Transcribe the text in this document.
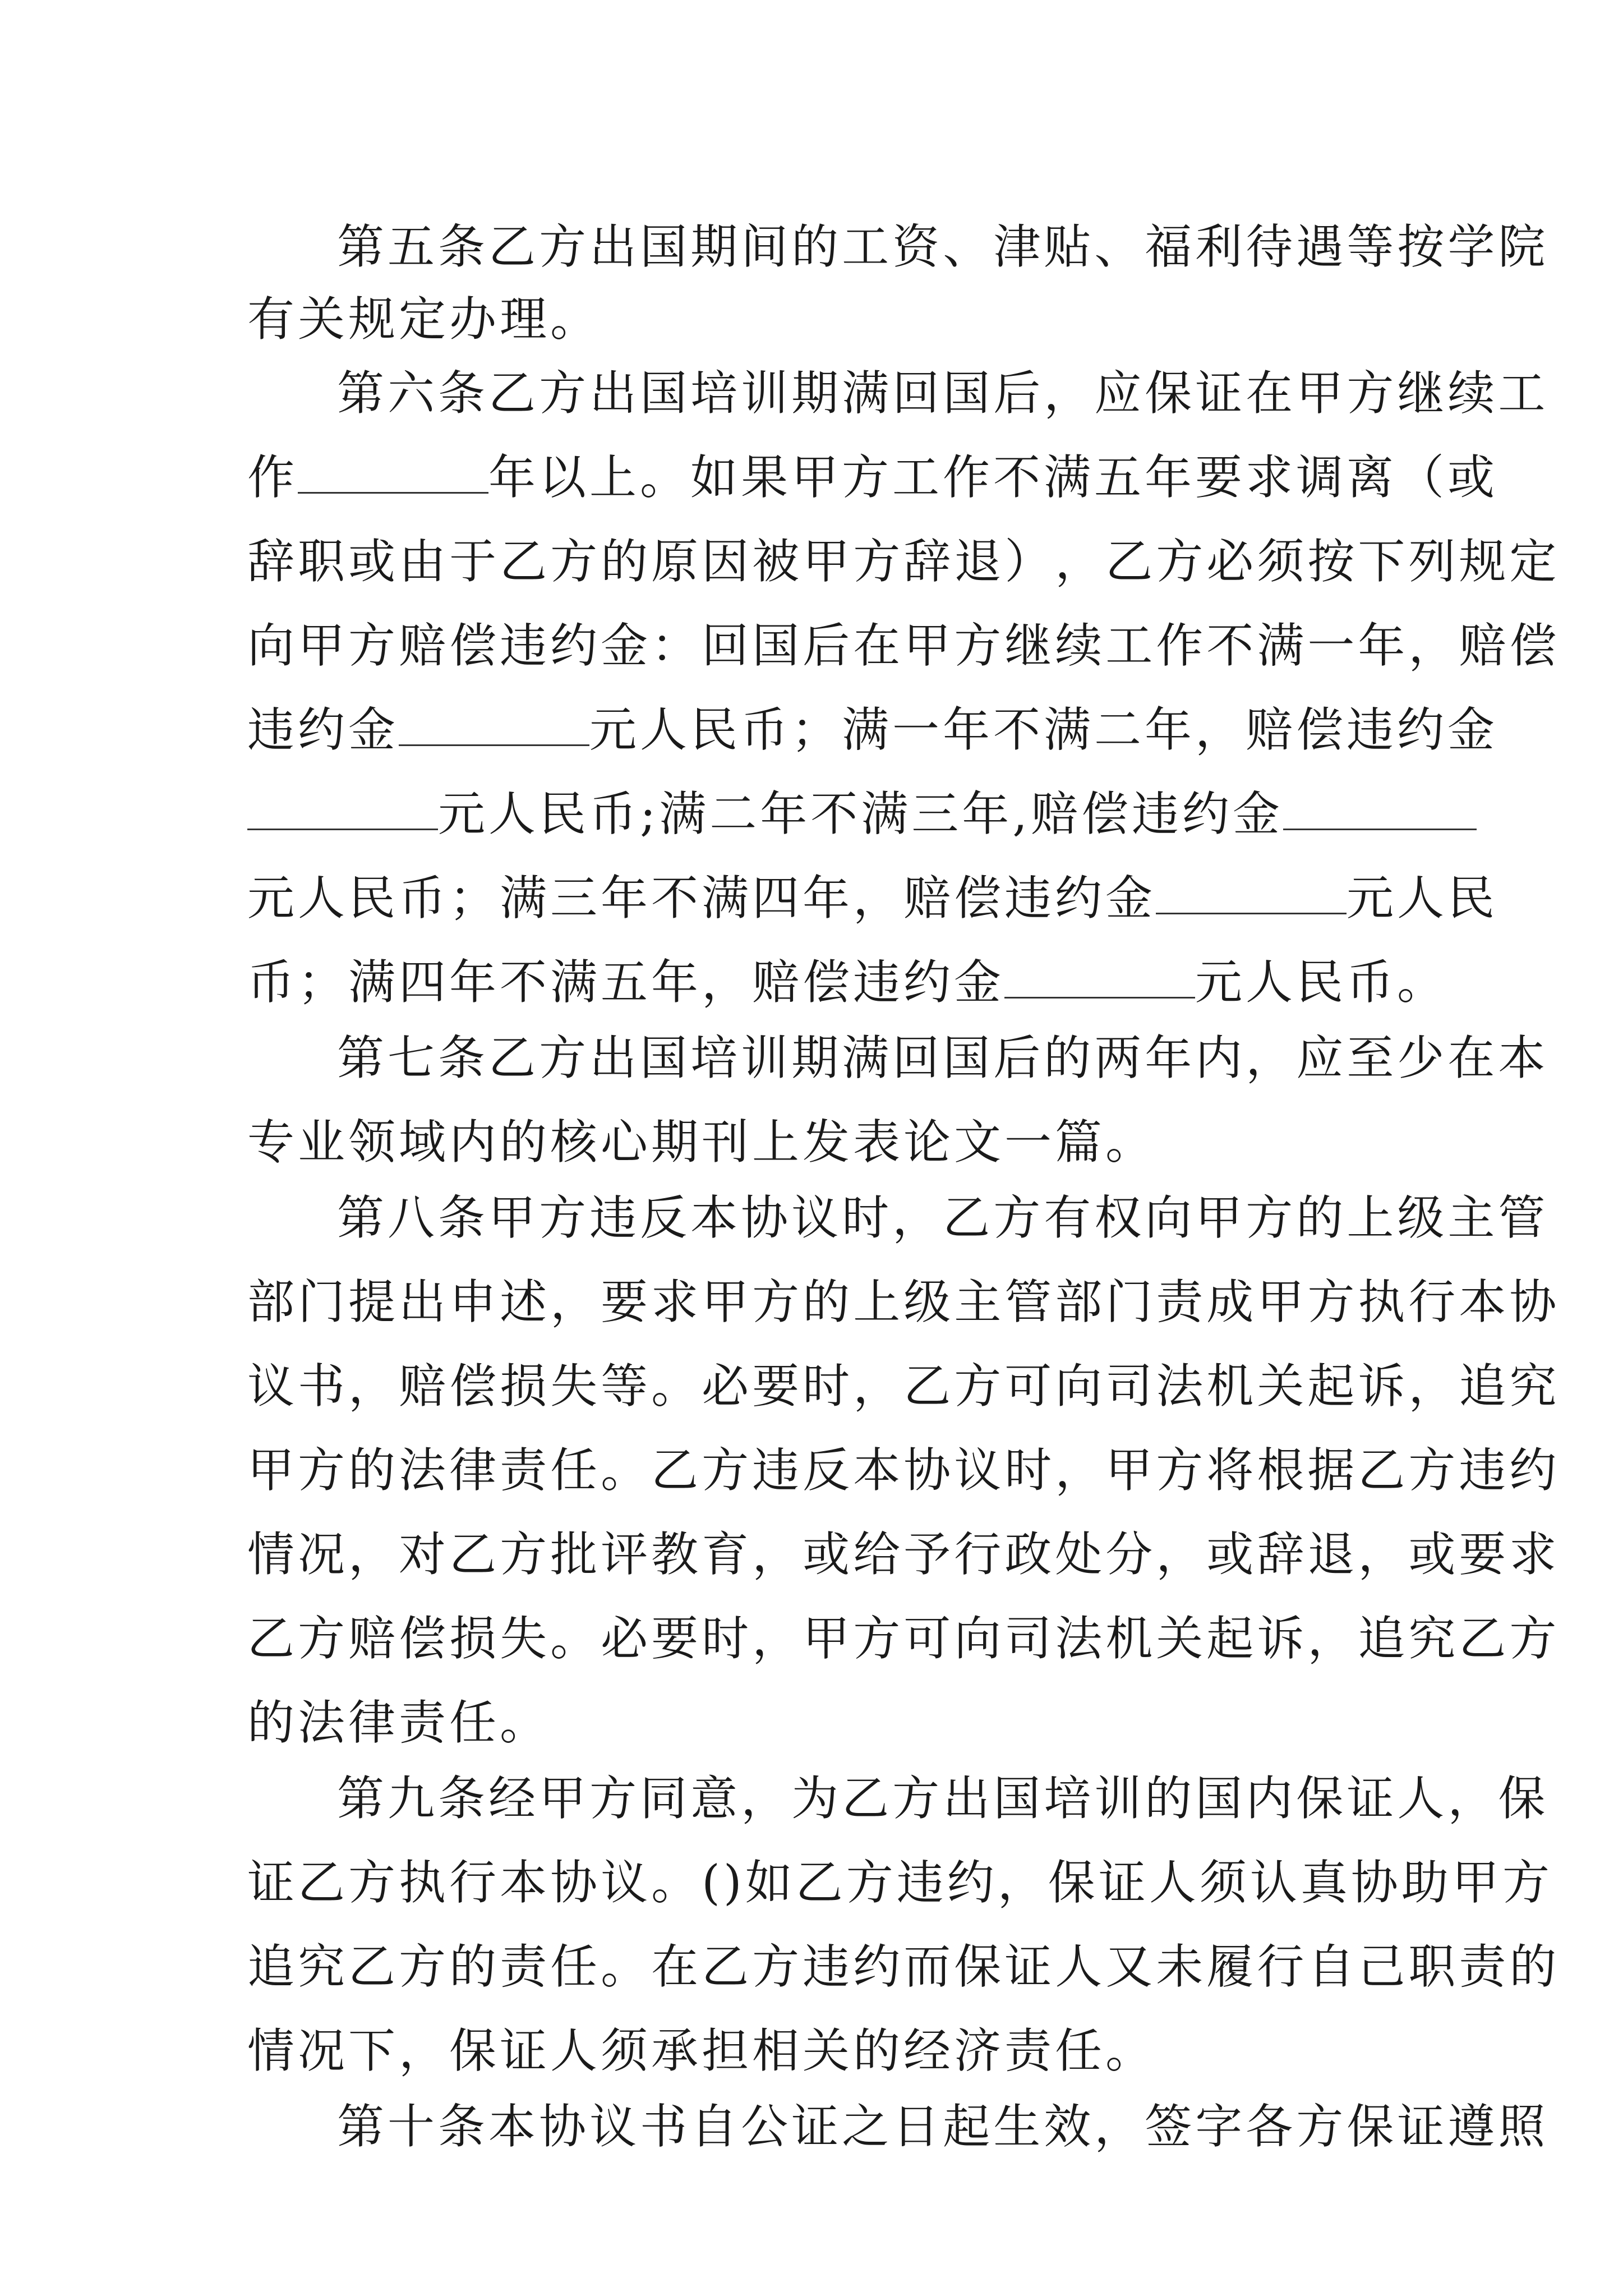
第 五 条 乙 方 出 国 期 间 的 工 资 、 津 贴 、 福 利 待 遇 等 按 学 院
有关规定办理。
第 六 条 乙 方 出 国 培 训 期 满 回 国 后 ， 应 保 证 在 甲 方 继 续 工
作	年以上。如果甲方工作不满五年要求调离（或
辞 职 或 由 于 乙 方 的 原 因 被 甲 方 辞 退 ） ， 乙 方 必 须 按 下 列 规 定
向 甲 方 赔 偿 违 约 金 ： 回 国 后 在 甲 方 继 续 工 作 不 满 一 年 ， 赔 偿
违约金	元人民币；满一年不满二年，赔偿违约金
元人民币;满二年不满三年,赔偿违约金
元人民币；满三年不满四年，赔偿违约金	元人民
币；满四年不满五年，赔偿违约金	元人民币。
第 七 条 乙 方 出 国 培 训 期 满 回 国 后 的 两 年 内 ， 应 至 少 在 本
专业领域内的核心期刊上发表论文一篇。
第 八 条 甲 方 违 反 本 协 议 时 ， 乙 方 有 权 向 甲 方 的 上 级 主 管
部 门 提 出 申 述 ， 要 求 甲 方 的 上 级 主 管 部 门 责 成 甲 方 执 行 本 协
议 书 ， 赔 偿 损 失 等 。 必 要 时 ， 乙 方 可 向 司 法 机 关 起 诉 ， 追 究
甲 方 的 法 律 责 任 。 乙 方 违 反 本 协 议 时 ， 甲 方 将 根 据 乙 方 违 约
情 况 ， 对 乙 方 批 评 教 育 ， 或 给 予 行 政 处 分 ， 或 辞 退 ， 或 要 求
乙 方 赔 偿 损 失 。 必 要 时 ， 甲 方 可 向 司 法 机 关 起 诉 ， 追 究 乙 方
的法律责任。
第 九 条 经 甲 方 同 意 ， 为 乙 方 出 国 培 训 的 国 内 保 证 人 ， 保
证 乙 方 执 行 本 协 议 。 ( ) 如 乙 方 违 约 ， 保 证 人 须 认 真 协 助 甲 方
追 究 乙 方 的 责 任 。 在 乙 方 违 约 而 保 证 人 又 未 履 行 自 己 职 责 的
情况下，保证人须承担相关的经济责任。
第 十 条 本 协 议 书 自 公 证 之 日 起 生 效 ， 签 字 各 方 保 证 遵 照
